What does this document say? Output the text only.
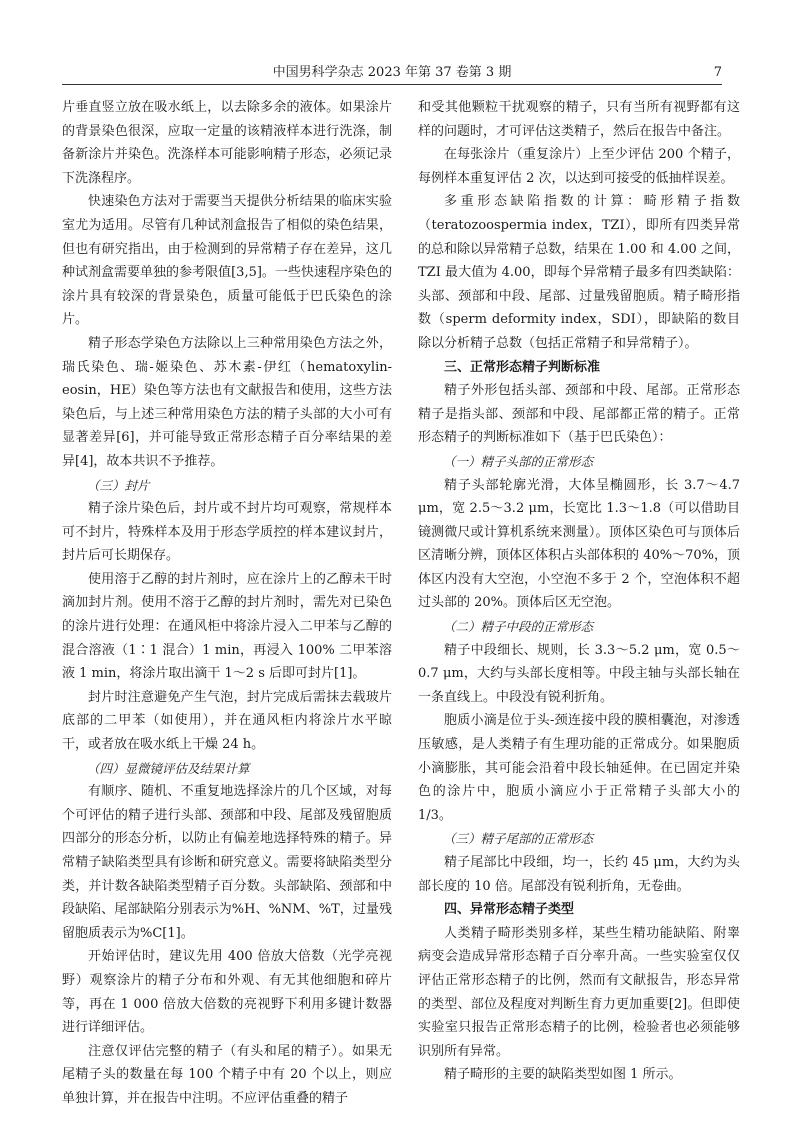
中国男科学杂志 2023 年第 37 卷第 3 期	7

片垂直竖立放在吸水纸上，以去除多余的液体。如果涂片的背景染色很深，应取一定量的该精液样本进行洗涤，制备新涂片并染色。洗涤样本可能影响精子形态，必须记录下洗涤程序。

快速染色方法对于需要当天提供分析结果的临床实验室尤为适用。尽管有几种试剂盒报告了相似的染色结果，但也有研究指出，由于检测到的异常精子存在差异，这几种试剂盒需要单独的参考限值[3,5]。一些快速程序染色的涂片具有较深的背景染色，质量可能低于巴氏染色的涂片。

精子形态学染色方法除以上三种常用染色方法之外，瑞氏染色、瑞-姬染色、苏木素-伊红（hematoxylin-eosin，HE）染色等方法也有文献报告和使用，这些方法染色后，与上述三种常用染色方法的精子头部的大小可有显著差异[6]，并可能导致正常形态精子百分率结果的差异[4]，故本共识不予推荐。

（三）封片

精子涂片染色后，封片或不封片均可观察，常规样本可不封片，特殊样本及用于形态学质控的样本建议封片，封片后可长期保存。

使用溶于乙醇的封片剂时，应在涂片上的乙醇未干时滴加封片剂。使用不溶于乙醇的封片剂时，需先对已染色的涂片进行处理：在通风柜中将涂片浸入二甲苯与乙醇的混合溶液（1∶1 混合）1 min，再浸入 100% 二甲苯溶液 1 min，将涂片取出滴干 1～2 s 后即可封片[1]。

封片时注意避免产生气泡，封片完成后需抹去载玻片底部的二甲苯（如使用），并在通风柜内将涂片水平晾干，或者放在吸水纸上干燥 24 h。

（四）显微镜评估及结果计算

有顺序、随机、不重复地选择涂片的几个区域，对每个可评估的精子进行头部、颈部和中段、尾部及残留胞质四部分的形态分析，以防止有偏差地选择特殊的精子。异常精子缺陷类型具有诊断和研究意义。需要将缺陷类型分类，并计数各缺陷类型精子百分数。头部缺陷、颈部和中段缺陷、尾部缺陷分别表示为%H、%NM、%T，过量残留胞质表示为%C[1]。

开始评估时，建议先用 400 倍放大倍数（光学亮视野）观察涂片的精子分布和外观、有无其他细胞和碎片等，再在 1 000 倍放大倍数的亮视野下利用多键计数器进行详细评估。

注意仅评估完整的精子（有头和尾的精子）。如果无尾精子头的数量在每 100 个精子中有 20 个以上，则应单独计算，并在报告中注明。不应评估重叠的精子

和受其他颗粒干扰观察的精子，只有当所有视野都有这样的问题时，才可评估这类精子，然后在报告中备注。

在每张涂片（重复涂片）上至少评估 200 个精子，每例样本重复评估 2 次，以达到可接受的低抽样误差。

多重形态缺陷指数的计算：畸形精子指数（teratozoospermia index，TZI），即所有四类异常的总和除以异常精子总数，结果在 1.00 和 4.00 之间，TZI 最大值为 4.00，即每个异常精子最多有四类缺陷：头部、颈部和中段、尾部、过量残留胞质。精子畸形指数（sperm deformity index，SDI），即缺陷的数目除以分析精子总数（包括正常精子和异常精子）。

三、正常形态精子判断标准

精子外形包括头部、颈部和中段、尾部。正常形态精子是指头部、颈部和中段、尾部都正常的精子。正常形态精子的判断标准如下（基于巴氏染色）：

（一）精子头部的正常形态

精子头部轮廓光滑，大体呈椭圆形，长 3.7～4.7 μm，宽 2.5～3.2 μm，长宽比 1.3～1.8（可以借助目镜测微尺或计算机系统来测量）。顶体区染色可与顶体后区清晰分辨，顶体区体积占头部体积的 40%～70%，顶体区内没有大空泡，小空泡不多于 2 个，空泡体积不超过头部的 20%。顶体后区无空泡。

（二）精子中段的正常形态

精子中段细长、规则，长 3.3～5.2 μm，宽 0.5～0.7 μm，大约与头部长度相等。中段主轴与头部长轴在一条直线上。中段没有锐利折角。

胞质小滴是位于头-颈连接中段的膜相囊泡，对渗透压敏感，是人类精子有生理功能的正常成分。如果胞质小滴膨胀，其可能会沿着中段长轴延伸。在已固定并染色的涂片中，胞质小滴应小于正常精子头部大小的 1/3。

（三）精子尾部的正常形态

精子尾部比中段细，均一，长约 45 μm，大约为头部长度的 10 倍。尾部没有锐利折角，无卷曲。

四、异常形态精子类型

人类精子畸形类别多样，某些生精功能缺陷、附睾病变会造成异常形态精子百分率升高。一些实验室仅仅评估正常形态精子的比例，然而有文献报告，形态异常的类型、部位及程度对判断生育力更加重要[2]。但即使实验室只报告正常形态精子的比例，检验者也必须能够识别所有异常。

精子畸形的主要的缺陷类型如图 1 所示。
